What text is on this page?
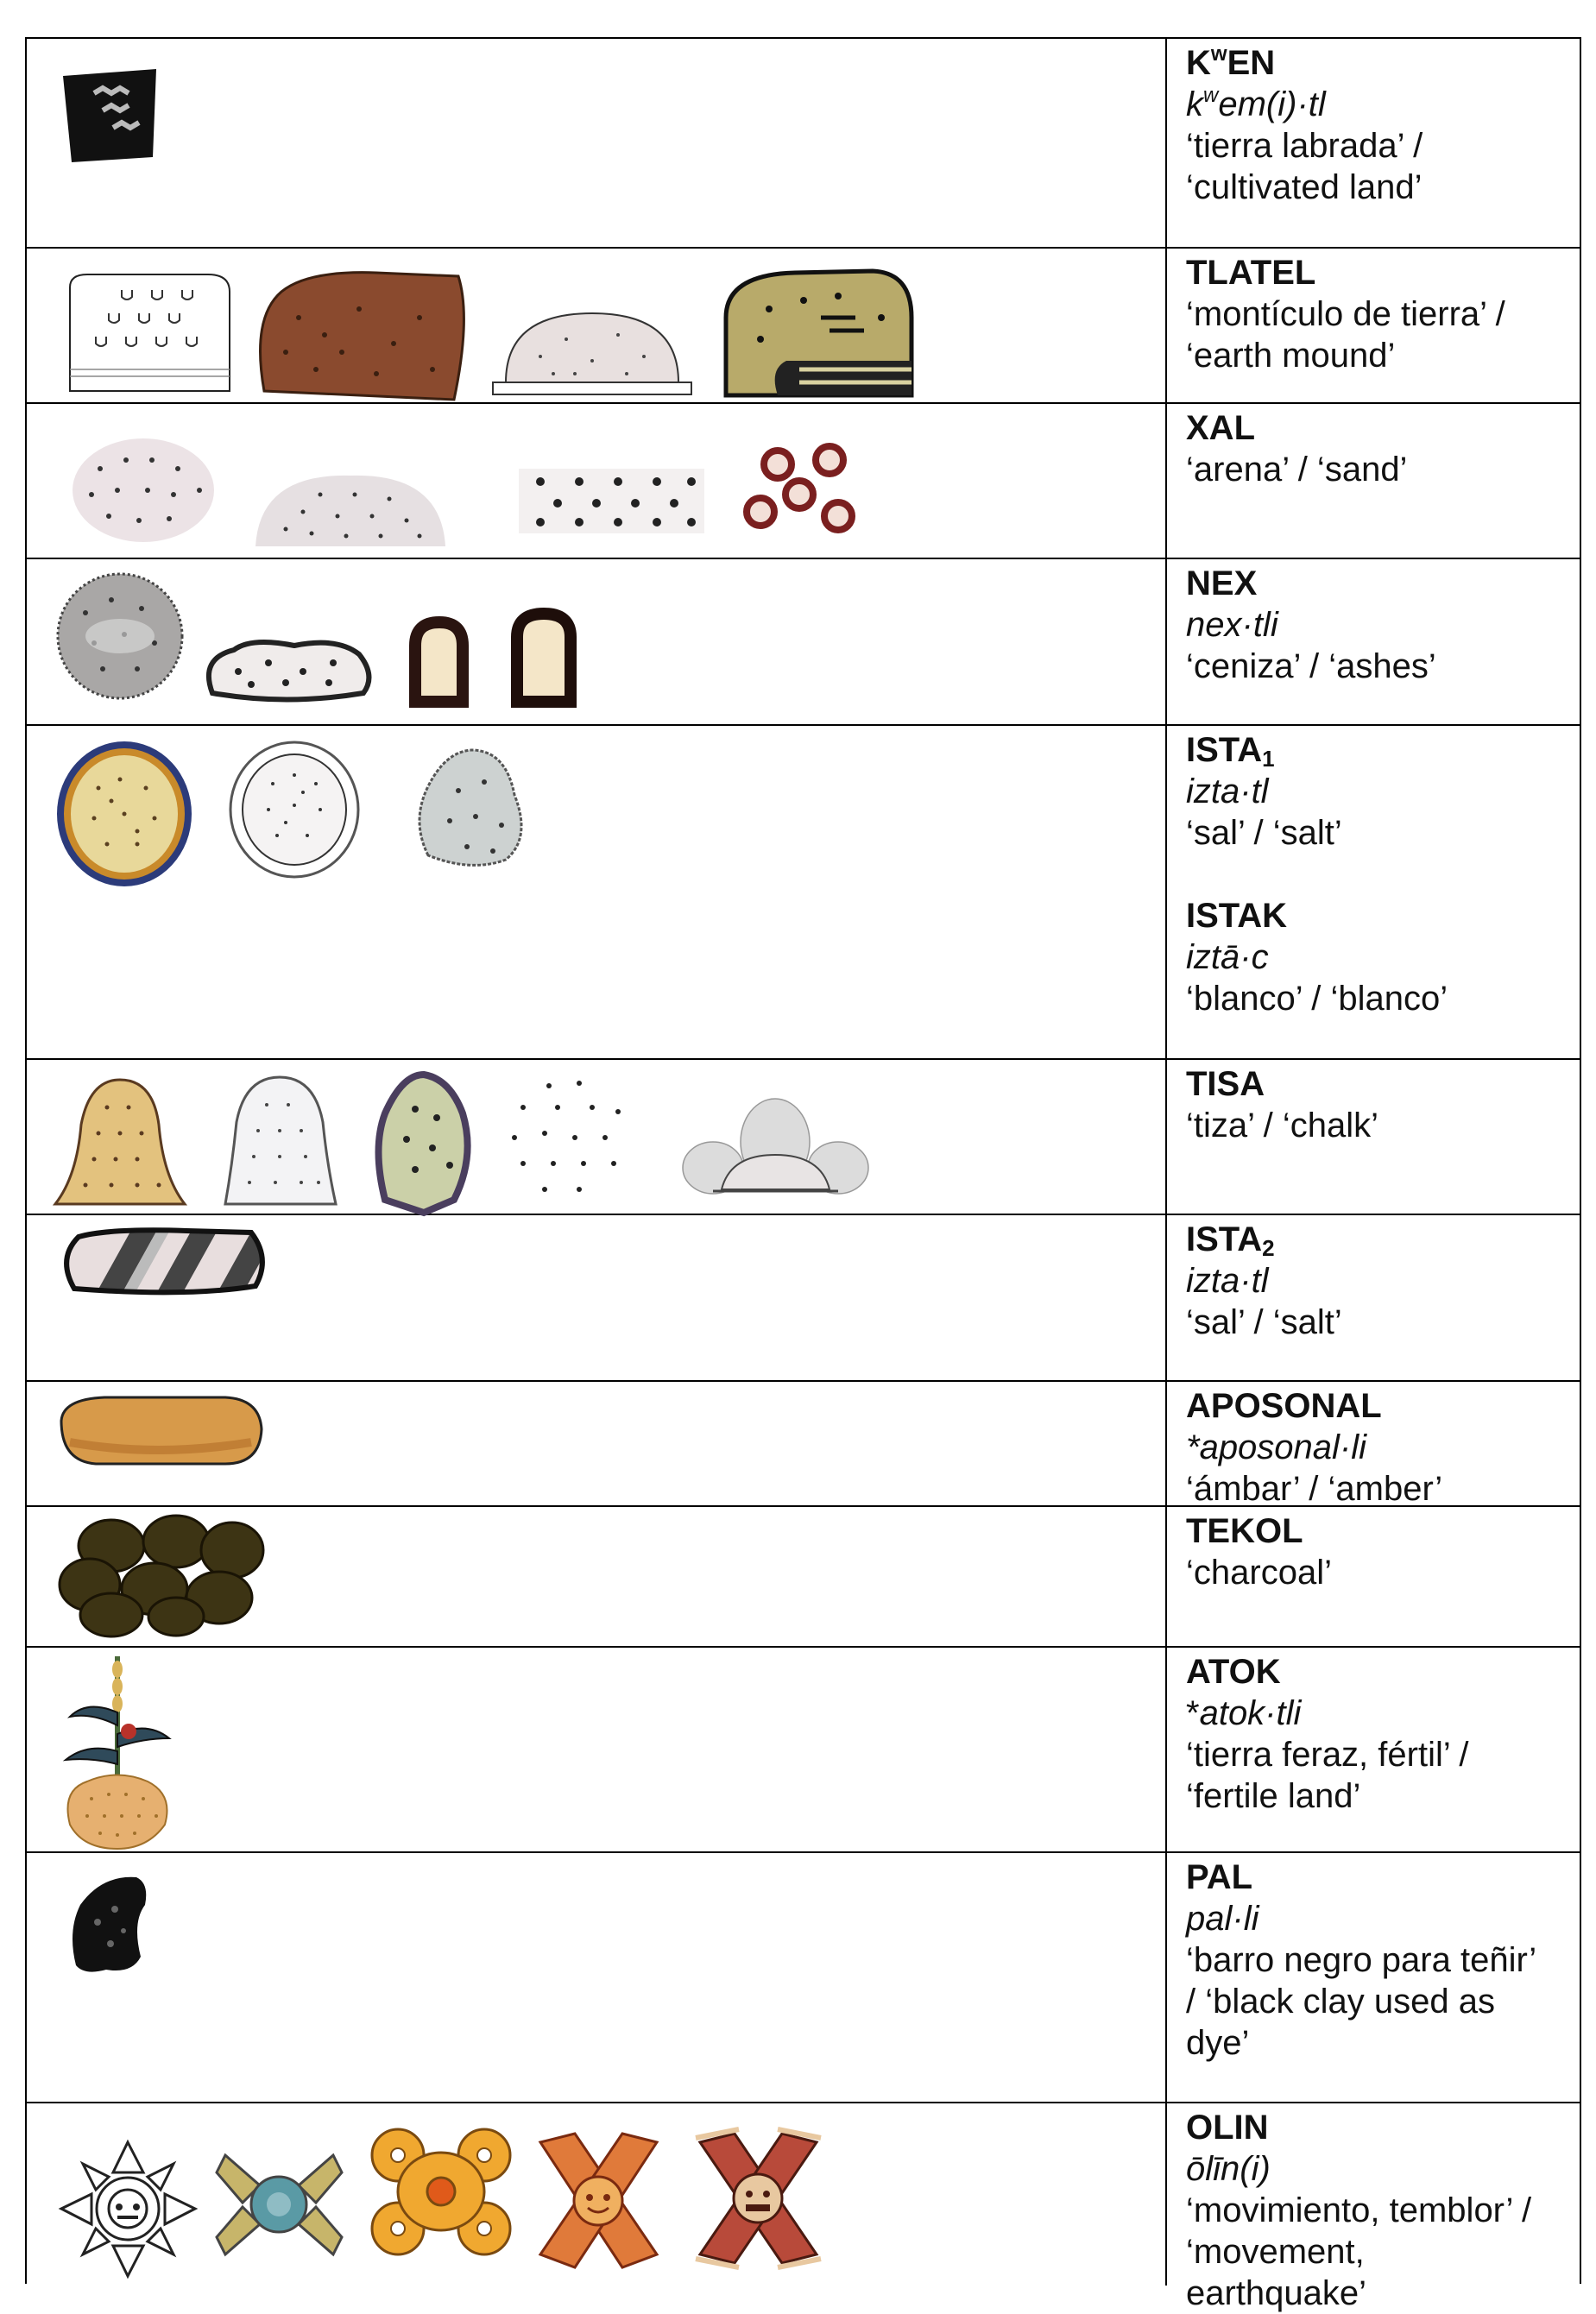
$K^wEN$
$k^wem(i)\cdot tl$
‘tierra labrada’ /
‘cultivated land’
TLATEL
‘montículo de tierra’ /
‘earth mound’
XAL
‘arena’ / ‘sand’
NEX
nex·tli
‘ceniza’ / ‘ashes’
$ISTA_1$
izta·tl
‘sal’ / ‘salt’
ISTAK
iztā·c
‘blanco’ / ‘blanco’
TISA
‘tiza’ / ‘chalk’
$ISTA_2$
izta·tl
‘sal’ / ‘salt’
APOSONAL
*aposonal·li
‘ámbar’ / ‘amber’
TEKOL
‘charcoal’
ATOK
*atok·tli
‘tierra feraz, fértil’ /
‘fertile land’
PAL
pal·li
‘barro negro para teñir’
/ ‘black clay used as
dye’
OLIN
ōlīn(i)
‘movimiento, temblor’ /
‘movement,
earthquake’
